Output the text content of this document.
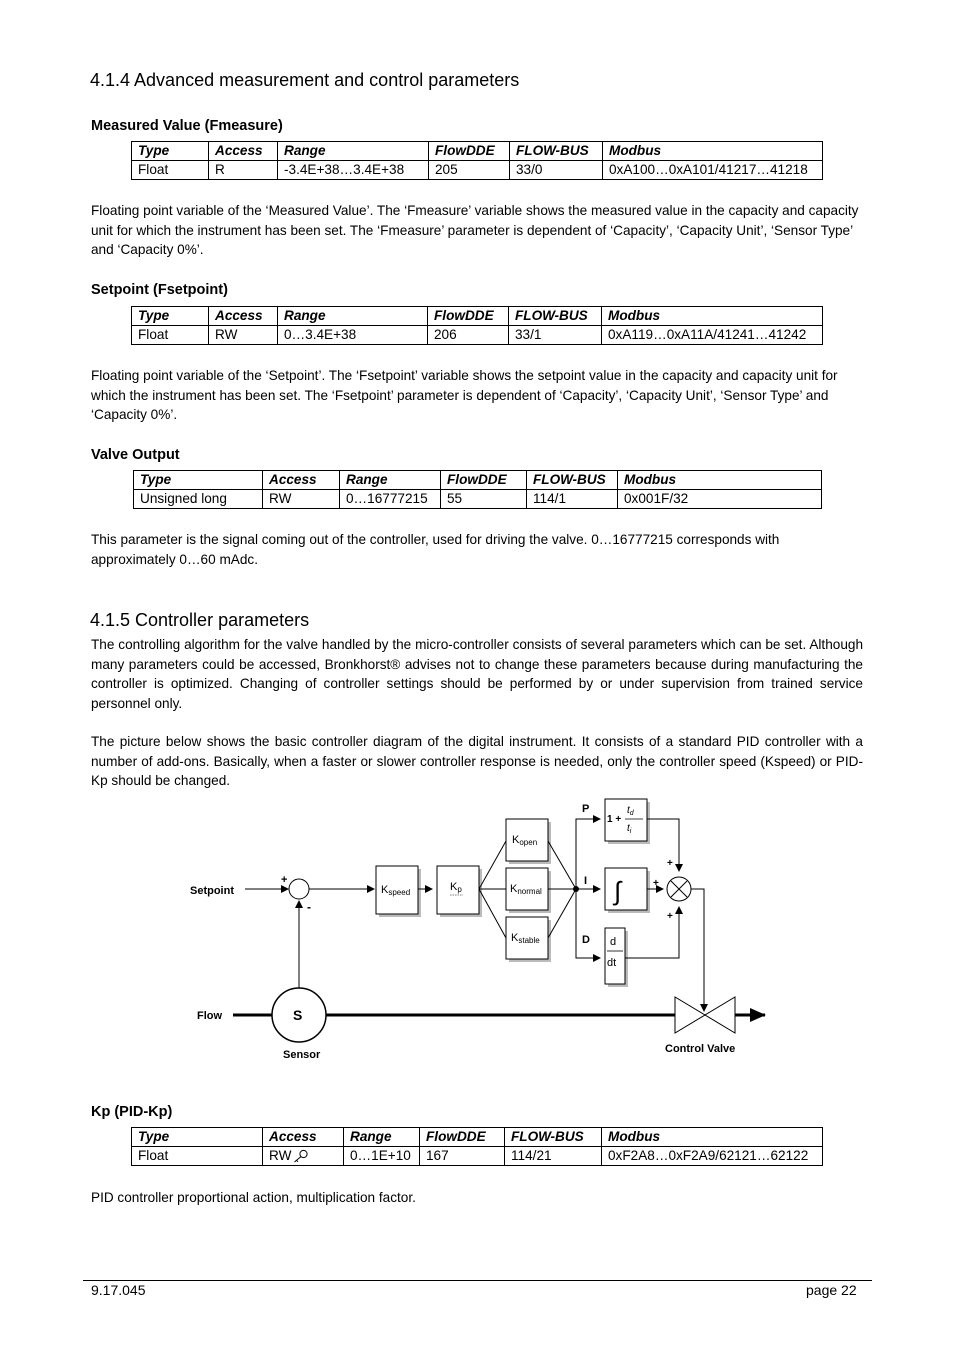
4.1.4 Advanced measurement and control parameters
Measured Value (Fmeasure)
Type	Access	Range	FlowDDE	FLOW-BUS	Modbus
Float	R	-3.4E+38…3.4E+38	205	33/0	0xA100…0xA101/41217…41218
Floating point variable of the ‘Measured Value’. The ‘Fmeasure’ variable shows the measured value in the capacity and capacity unit for which the instrument has been set. The ‘Fmeasure’ parameter is dependent of ‘Capacity’, ‘Capacity Unit’, ‘Sensor Type’ and ‘Capacity 0%’.
Setpoint (Fsetpoint)
Type	Access	Range	FlowDDE	FLOW-BUS	Modbus
Float	RW	0…3.4E+38	206	33/1	0xA119…0xA11A/41241…41242
Floating point variable of the ‘Setpoint’. The ‘Fsetpoint’ variable shows the setpoint value in the capacity and capacity unit for which the instrument has been set. The ‘Fsetpoint’ parameter is dependent of ‘Capacity’, ‘Capacity Unit’, ‘Sensor Type’ and ‘Capacity 0%’.
Valve Output
Type	Access	Range	FlowDDE	FLOW-BUS	Modbus
Unsigned long	RW	0…16777215	55	114/1	0x001F/32
This parameter is the signal coming out of the controller, used for driving the valve. 0…16777215 corresponds with approximately 0…60 mAdc.
4.1.5 Controller parameters
The controlling algorithm for the valve handled by the micro-controller consists of several parameters which can be set. Although many parameters could be accessed, Bronkhorst® advises not to change these parameters because during manufacturing the controller is optimized. Changing of controller settings should be performed by or under supervision from trained service personnel only.
The picture below shows the basic controller diagram of the digital instrument. It consists of a standard PID controller with a number of add-ons. Basically, when a faster or slower controller response is needed, only the controller speed (Kspeed) or PID-Kp should be changed.
Setpoint
Flow
Sensor	Control Valve
+
-
Kspeed	Kp
Kopen
Knormal
Kstable
P
I
D
1 +
$t_d$
$t_i$
∫
d
dt
+
+
+
S
Kp (PID-Kp)
Type	Access	Range	FlowDDE	FLOW-BUS	Modbus
Float	RW	0…1E+10	167	114/21	0xF2A8…0xF2A9/62121…62122
PID controller proportional action, multiplication factor.
9.17.045	page 22
